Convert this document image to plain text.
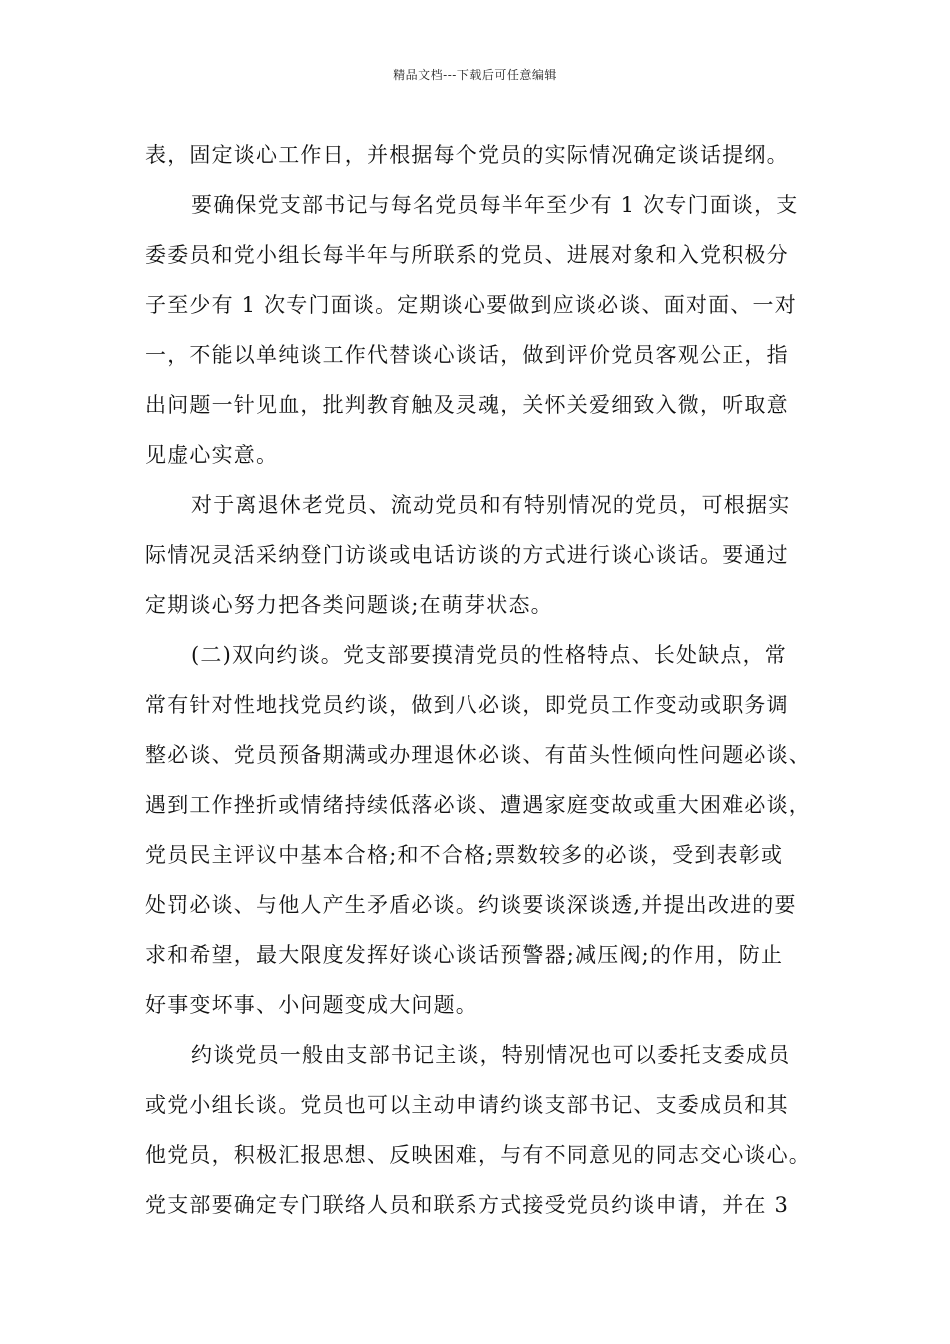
精品文档---下载后可任意编辑
表，固定谈心工作日，并根据每个党员的实际情况确定谈话提纲。
要确保党支部书记与每名党员每半年至少有 1 次专门面谈，支
委委员和党小组长每半年与所联系的党员、进展对象和入党积极分
子至少有 1 次专门面谈。定期谈心要做到应谈必谈、面对面、一对
一，不能以单纯谈工作代替谈心谈话，做到评价党员客观公正，指
出问题一针见血，批判教育触及灵魂，关怀关爱细致入微，听取意
见虚心实意。
对于离退休老党员、流动党员和有特别情况的党员，可根据实
际情况灵活采纳登门访谈或电话访谈的方式进行谈心谈话。要通过
定期谈心努力把各类问题谈;在萌芽状态。
(二)双向约谈。党支部要摸清党员的性格特点、长处缺点，常
常有针对性地找党员约谈，做到八必谈，即党员工作变动或职务调
整必谈、党员预备期满或办理退休必谈、有苗头性倾向性问题必谈、
遇到工作挫折或情绪持续低落必谈、遭遇家庭变故或重大困难必谈，
党员民主评议中基本合格;和不合格;票数较多的必谈，受到表彰或
处罚必谈、与他人产生矛盾必谈。约谈要谈深谈透,并提出改进的要
求和希望，最大限度发挥好谈心谈话预警器;减压阀;的作用，防止
好事变坏事、小问题变成大问题。
约谈党员一般由支部书记主谈，特别情况也可以委托支委成员
或党小组长谈。党员也可以主动申请约谈支部书记、支委成员和其
他党员，积极汇报思想、反映困难，与有不同意见的同志交心谈心。
党支部要确定专门联络人员和联系方式接受党员约谈申请，并在 3
